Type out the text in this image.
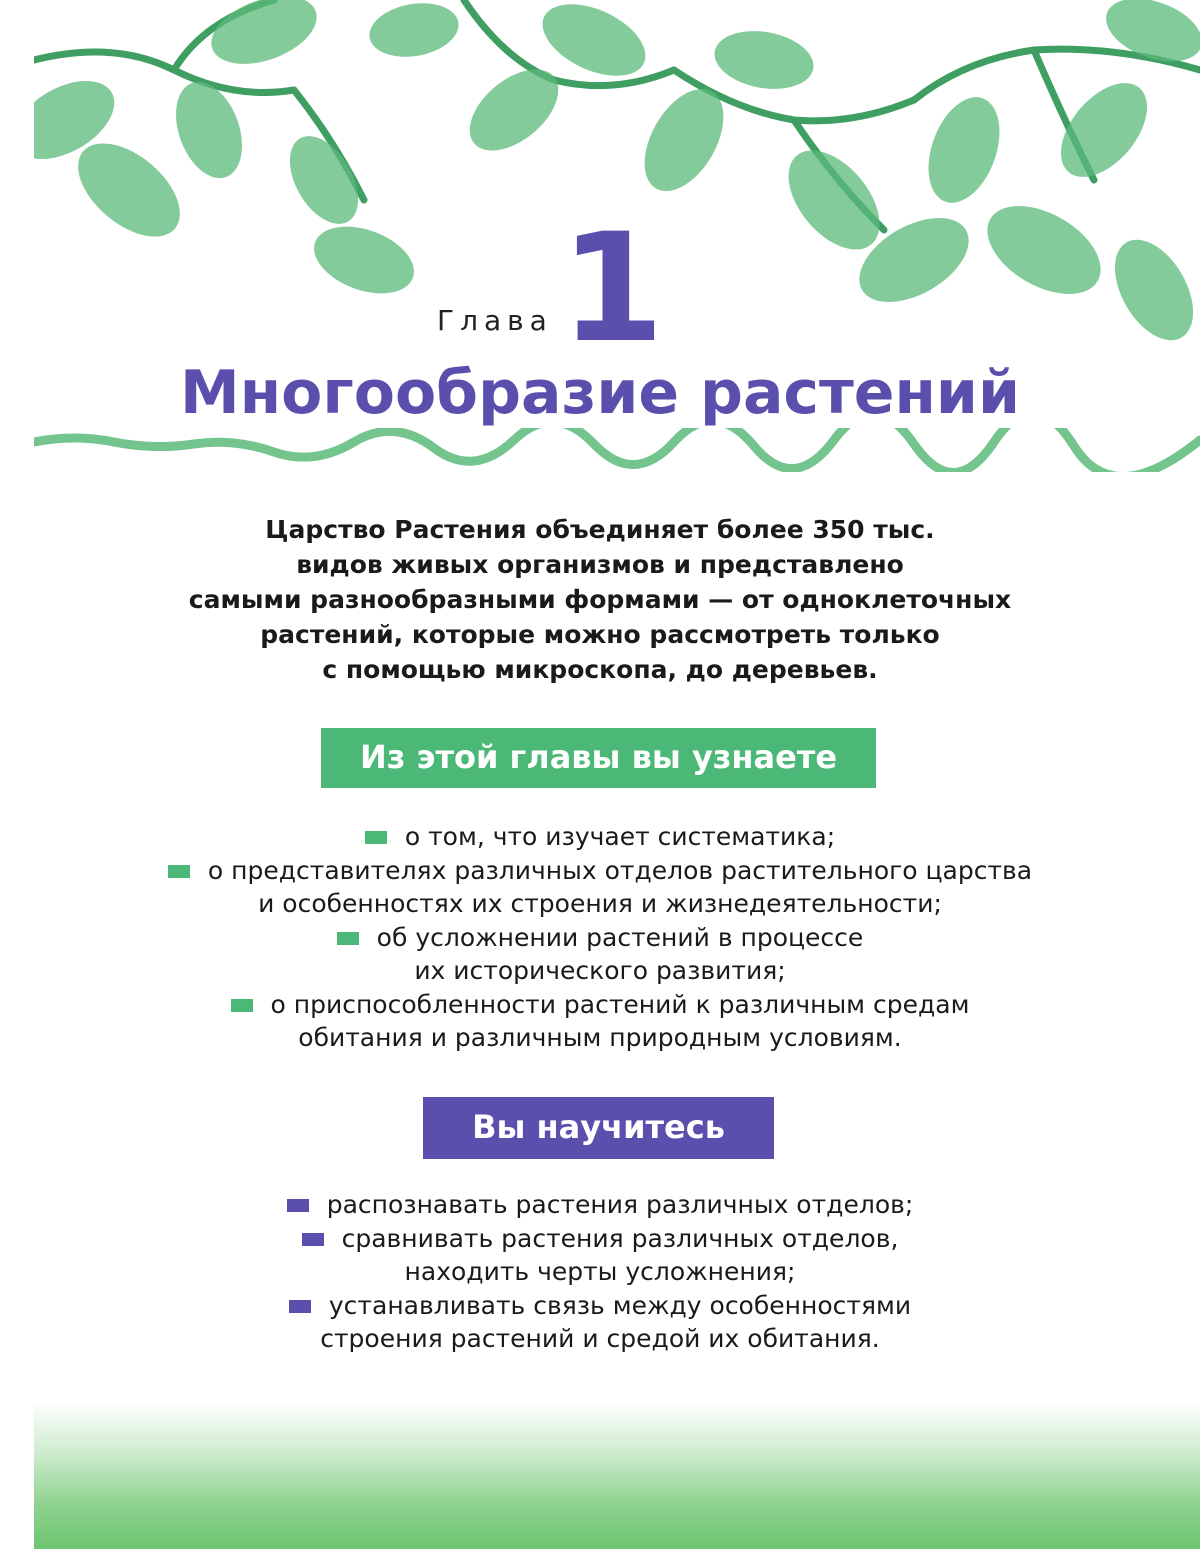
Глава 1
Многообразие растений
Царство Растения объединяет более 350 тыс.
видов живых организмов и представлено
самыми разнообразными формами — от одноклеточных
растений, которые можно рассмотреть только
с помощью микроскопа, до деревьев.
Из этой главы вы узнаете
о том, что изучает систематика;
о представителях различных отделов растительного царства
и особенностях их строения и жизнедеятельности;
об усложнении растений в процессе
их исторического развития;
о приспособленности растений к различным средам
обитания и различным природным условиям.
Вы научитесь
распознавать растения различных отделов;
сравнивать растения различных отделов,
находить черты усложнения;
устанавливать связь между особенностями
строения растений и средой их обитания.
